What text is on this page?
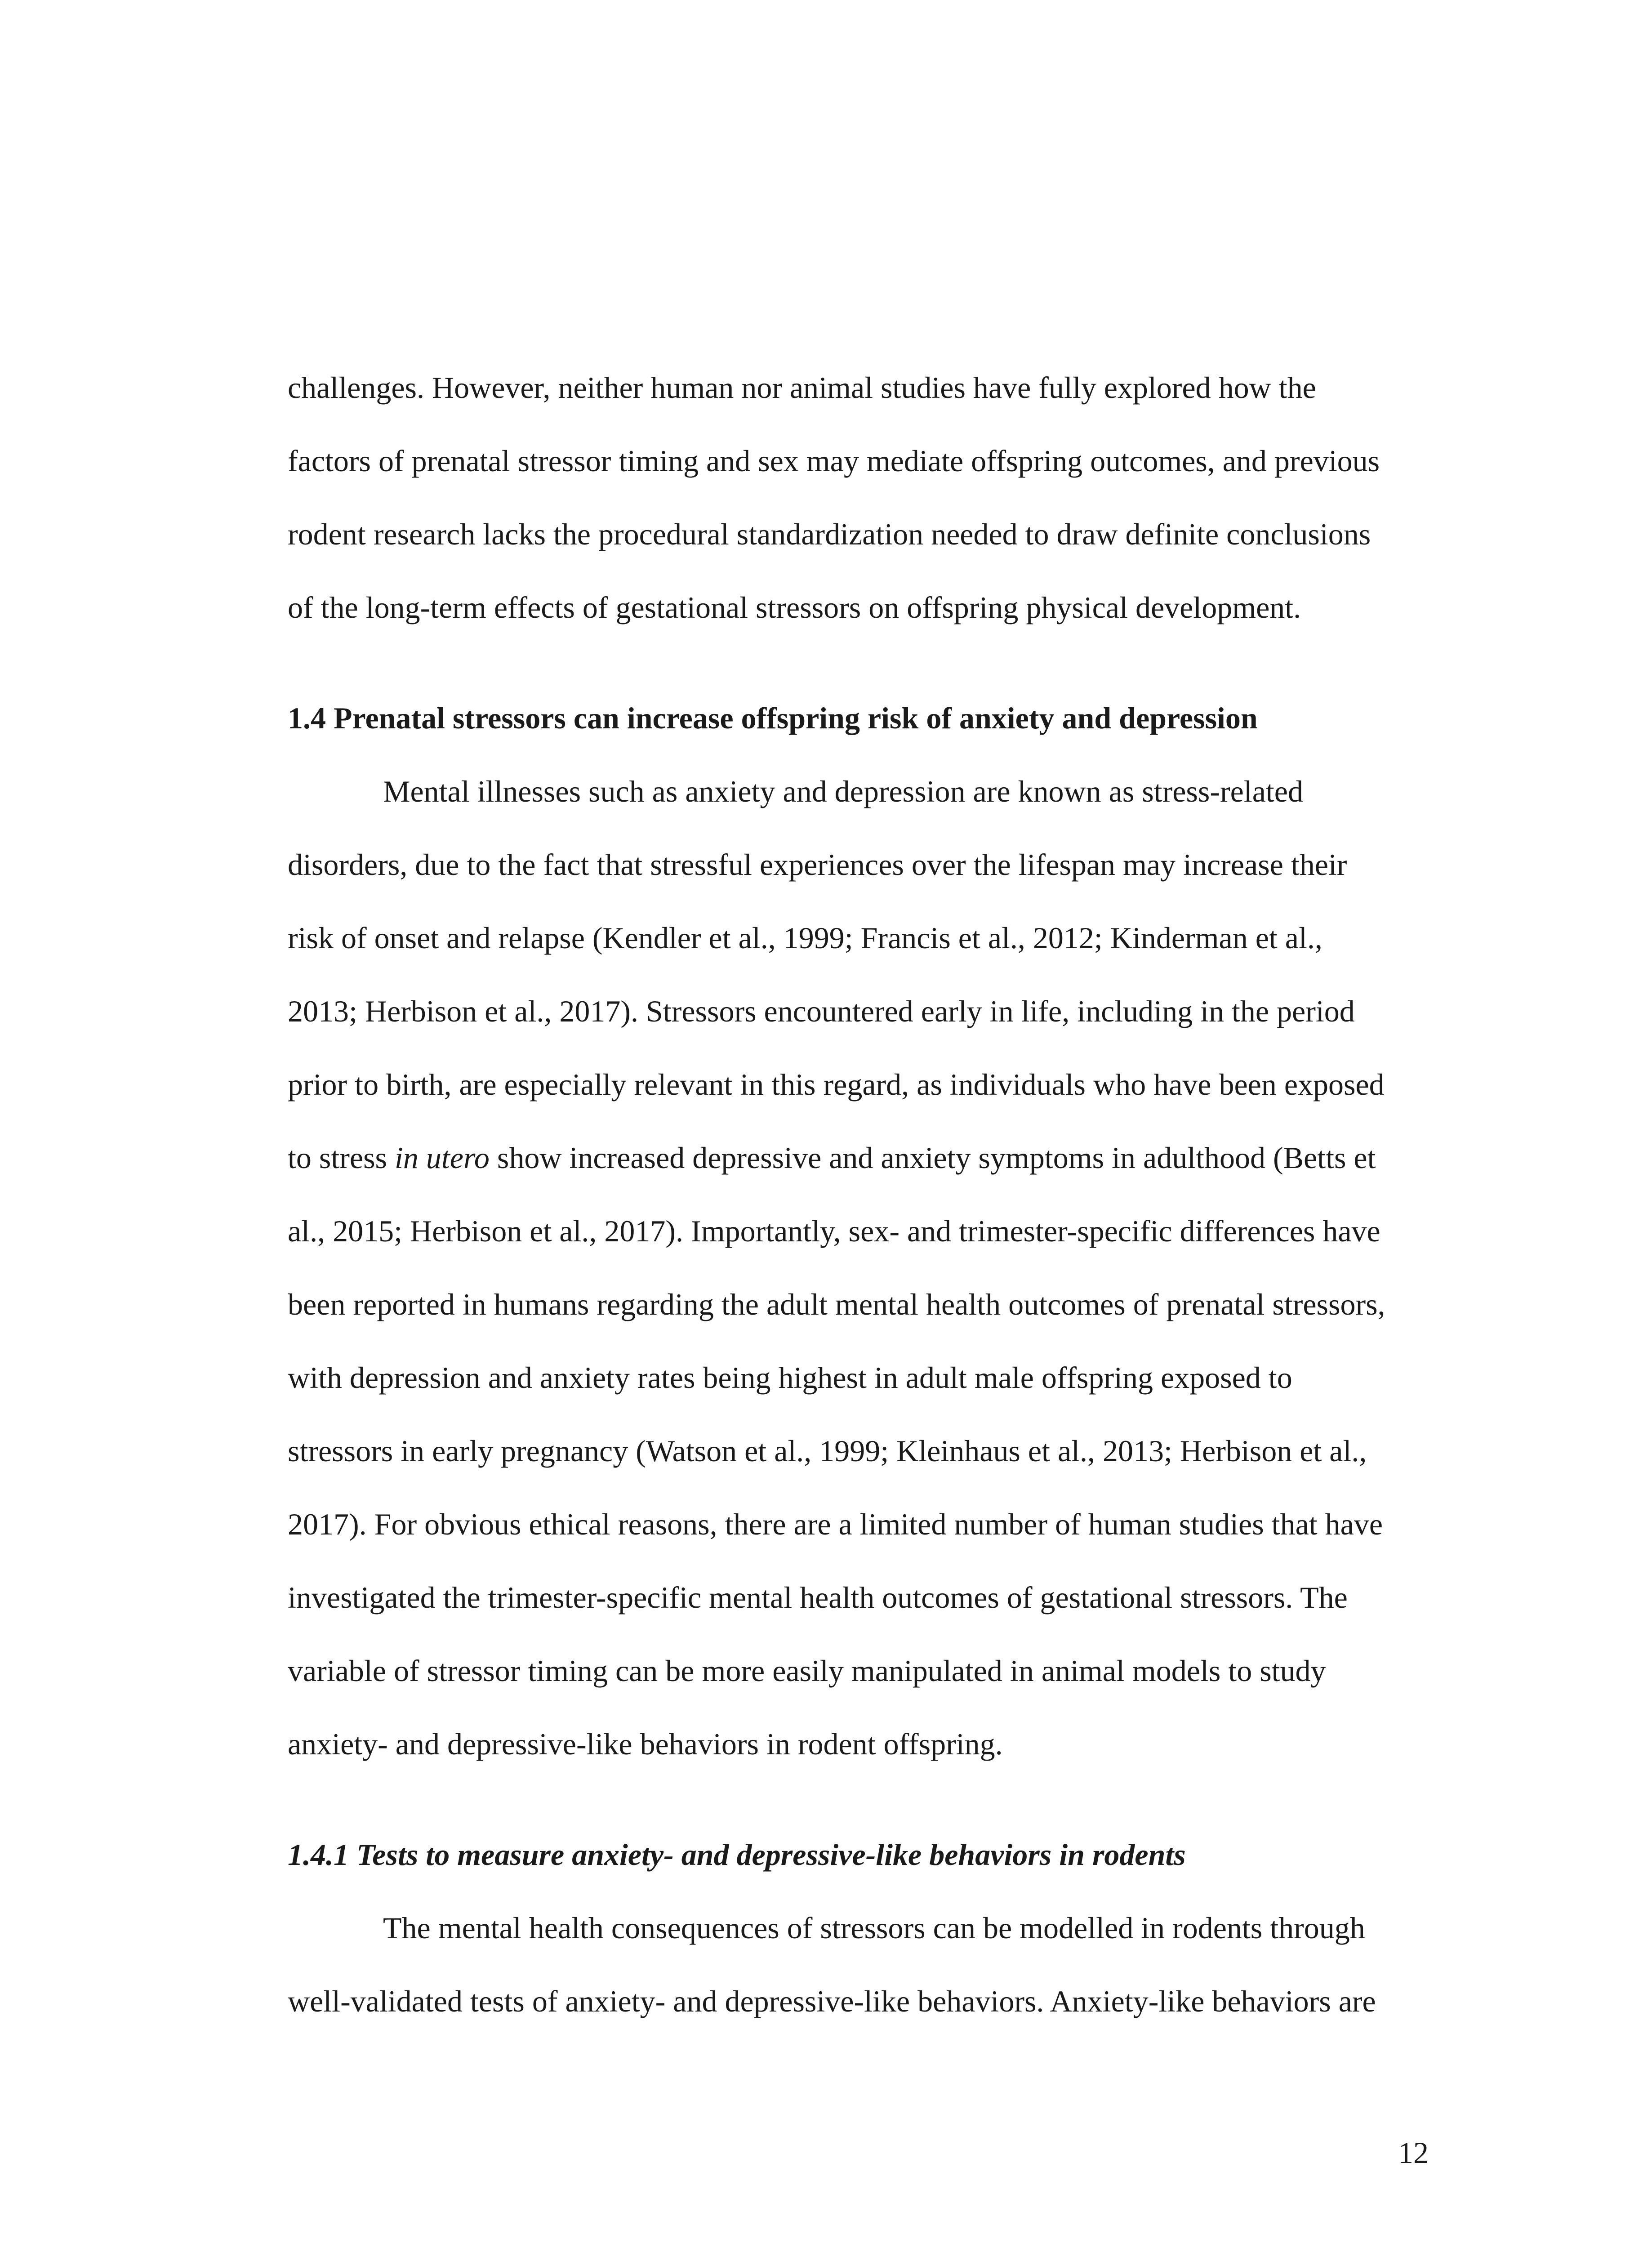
challenges. However, neither human nor animal studies have fully explored how the
factors of prenatal stressor timing and sex may mediate offspring outcomes, and previous
rodent research lacks the procedural standardization needed to draw definite conclusions
of the long-term effects of gestational stressors on offspring physical development.
1.4 Prenatal stressors can increase offspring risk of anxiety and depression
Mental illnesses such as anxiety and depression are known as stress-related
disorders, due to the fact that stressful experiences over the lifespan may increase their
risk of onset and relapse (Kendler et al., 1999; Francis et al., 2012; Kinderman et al.,
2013; Herbison et al., 2017). Stressors encountered early in life, including in the period
prior to birth, are especially relevant in this regard, as individuals who have been exposed
to stress in utero show increased depressive and anxiety symptoms in adulthood (Betts et
al., 2015; Herbison et al., 2017). Importantly, sex- and trimester-specific differences have
been reported in humans regarding the adult mental health outcomes of prenatal stressors,
with depression and anxiety rates being highest in adult male offspring exposed to
stressors in early pregnancy (Watson et al., 1999; Kleinhaus et al., 2013; Herbison et al.,
2017). For obvious ethical reasons, there are a limited number of human studies that have
investigated the trimester-specific mental health outcomes of gestational stressors. The
variable of stressor timing can be more easily manipulated in animal models to study
anxiety- and depressive-like behaviors in rodent offspring.
1.4.1 Tests to measure anxiety- and depressive-like behaviors in rodents
The mental health consequences of stressors can be modelled in rodents through
well-validated tests of anxiety- and depressive-like behaviors. Anxiety-like behaviors are
12
